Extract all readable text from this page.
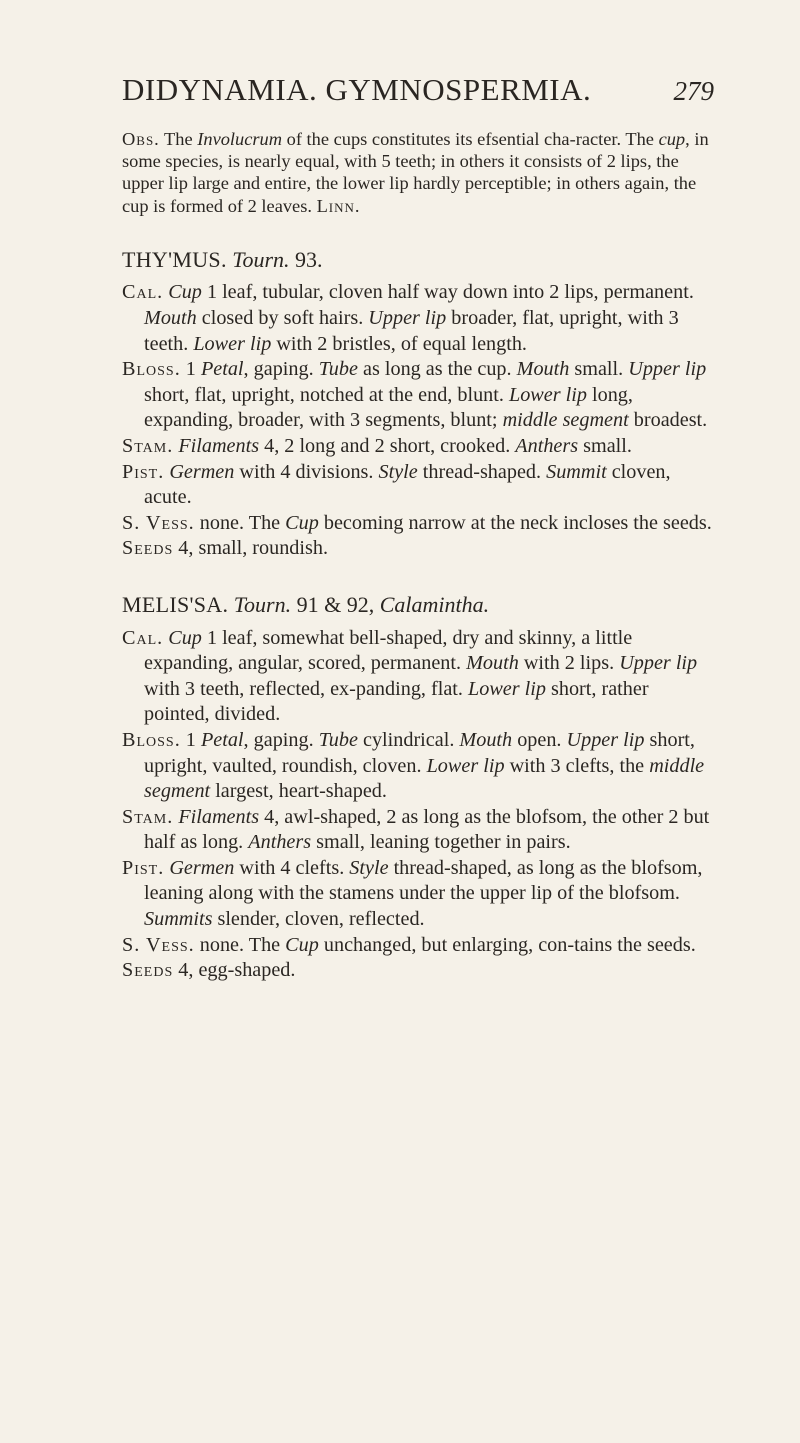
DIDYNAMIA. GYMNOSPERMIA.	279

Obs. The Involucrum of the cups constitutes its efsential cha-racter. The cup, in some species, is nearly equal, with 5 teeth; in others it consists of 2 lips, the upper lip large and entire, the lower lip hardly perceptible; in others again, the cup is formed of 2 leaves. Linn.

THY'MUS. Tourn. 93.

Cal. Cup 1 leaf, tubular, cloven half way down into 2 lips, permanent. Mouth closed by soft hairs. Upper lip broader, flat, upright, with 3 teeth. Lower lip with 2 bristles, of equal length.

Bloss. 1 Petal, gaping. Tube as long as the cup. Mouth small. Upper lip short, flat, upright, notched at the end, blunt. Lower lip long, expanding, broader, with 3 segments, blunt; middle segment broadest.

Stam. Filaments 4, 2 long and 2 short, crooked. Anthers small.

Pist. Germen with 4 divisions. Style thread-shaped. Summit cloven, acute.

S. Vess. none. The Cup becoming narrow at the neck incloses the seeds.

Seeds 4, small, roundish.

MELIS'SA. Tourn. 91 & 92, Calamintha.

Cal. Cup 1 leaf, somewhat bell-shaped, dry and skinny, a little expanding, angular, scored, permanent. Mouth with 2 lips. Upper lip with 3 teeth, reflected, ex-panding, flat. Lower lip short, rather pointed, divided.

Bloss. 1 Petal, gaping. Tube cylindrical. Mouth open. Upper lip short, upright, vaulted, roundish, cloven. Lower lip with 3 clefts, the middle segment largest, heart-shaped.

Stam. Filaments 4, awl-shaped, 2 as long as the blofsom, the other 2 but half as long. Anthers small, leaning together in pairs.

Pist. Germen with 4 clefts. Style thread-shaped, as long as the blofsom, leaning along with the stamens under the upper lip of the blofsom. Summits slender, cloven, reflected.

S. Vess. none. The Cup unchanged, but enlarging, con-tains the seeds.

Seeds 4, egg-shaped.
